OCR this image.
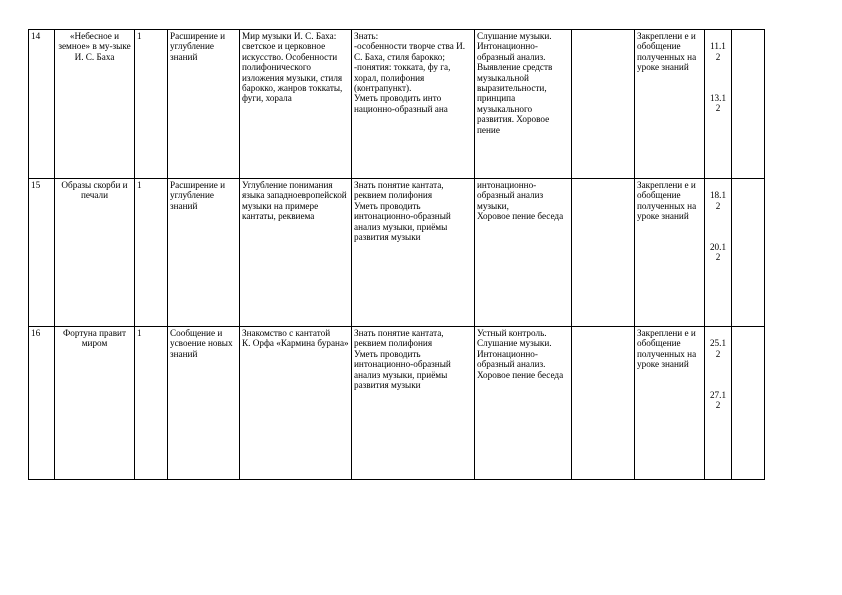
14	«Небесное и земное» в му-зыке И. С. Баха	1	Расширение и углубление знаний	Мир музыки И. С. Баха: светское и церковное искусство. Особенности полифонического изложения музыки, стиля барокко, жанров токкаты, фуги, хорала	Знать:
-особенности творче ства И. С. Баха, стиля барокко;
-понятия: токката, фу га, хорал, полифония (контрапункт).
Уметь проводить инто
национно-образный ана	Слушание музыки. Интонационно-образный анализ. Выявление средств музыкальной выразительности, принципа музыкального развития. Хоровое пение		Закреплени е и обобщение полученных на уроке знаний	11.1
2

13.1
2	

15	Образы скорби и печали	1	Расширение и углубление знаний	Углубление понимания языка западноевропейской музыки на примере кантаты, реквиема	Знать понятие кантата, реквием полифония
Уметь проводить интонационно-образный анализ музыки, приёмы развития музыки	интонационно-образный анализ музыки,
Хоровое пение беседа		Закреплени е и обобщение полученных на уроке знаний	18.1
2

20.1
2	

16	Фортуна правит миром	1	Сообщение и усвоение новых знаний	Знакомство с кантатой
К. Орфа «Кармина бурана»	Знать понятие кантата, реквием полифония
Уметь проводить интонационно-образный анализ музыки, приёмы развития музыки	Устный контроль. Слушание музыки. Интонационно-образный анализ. Хоровое пение беседа		Закреплени е и обобщение полученных на уроке знаний	25.1
2

27.1
2	
